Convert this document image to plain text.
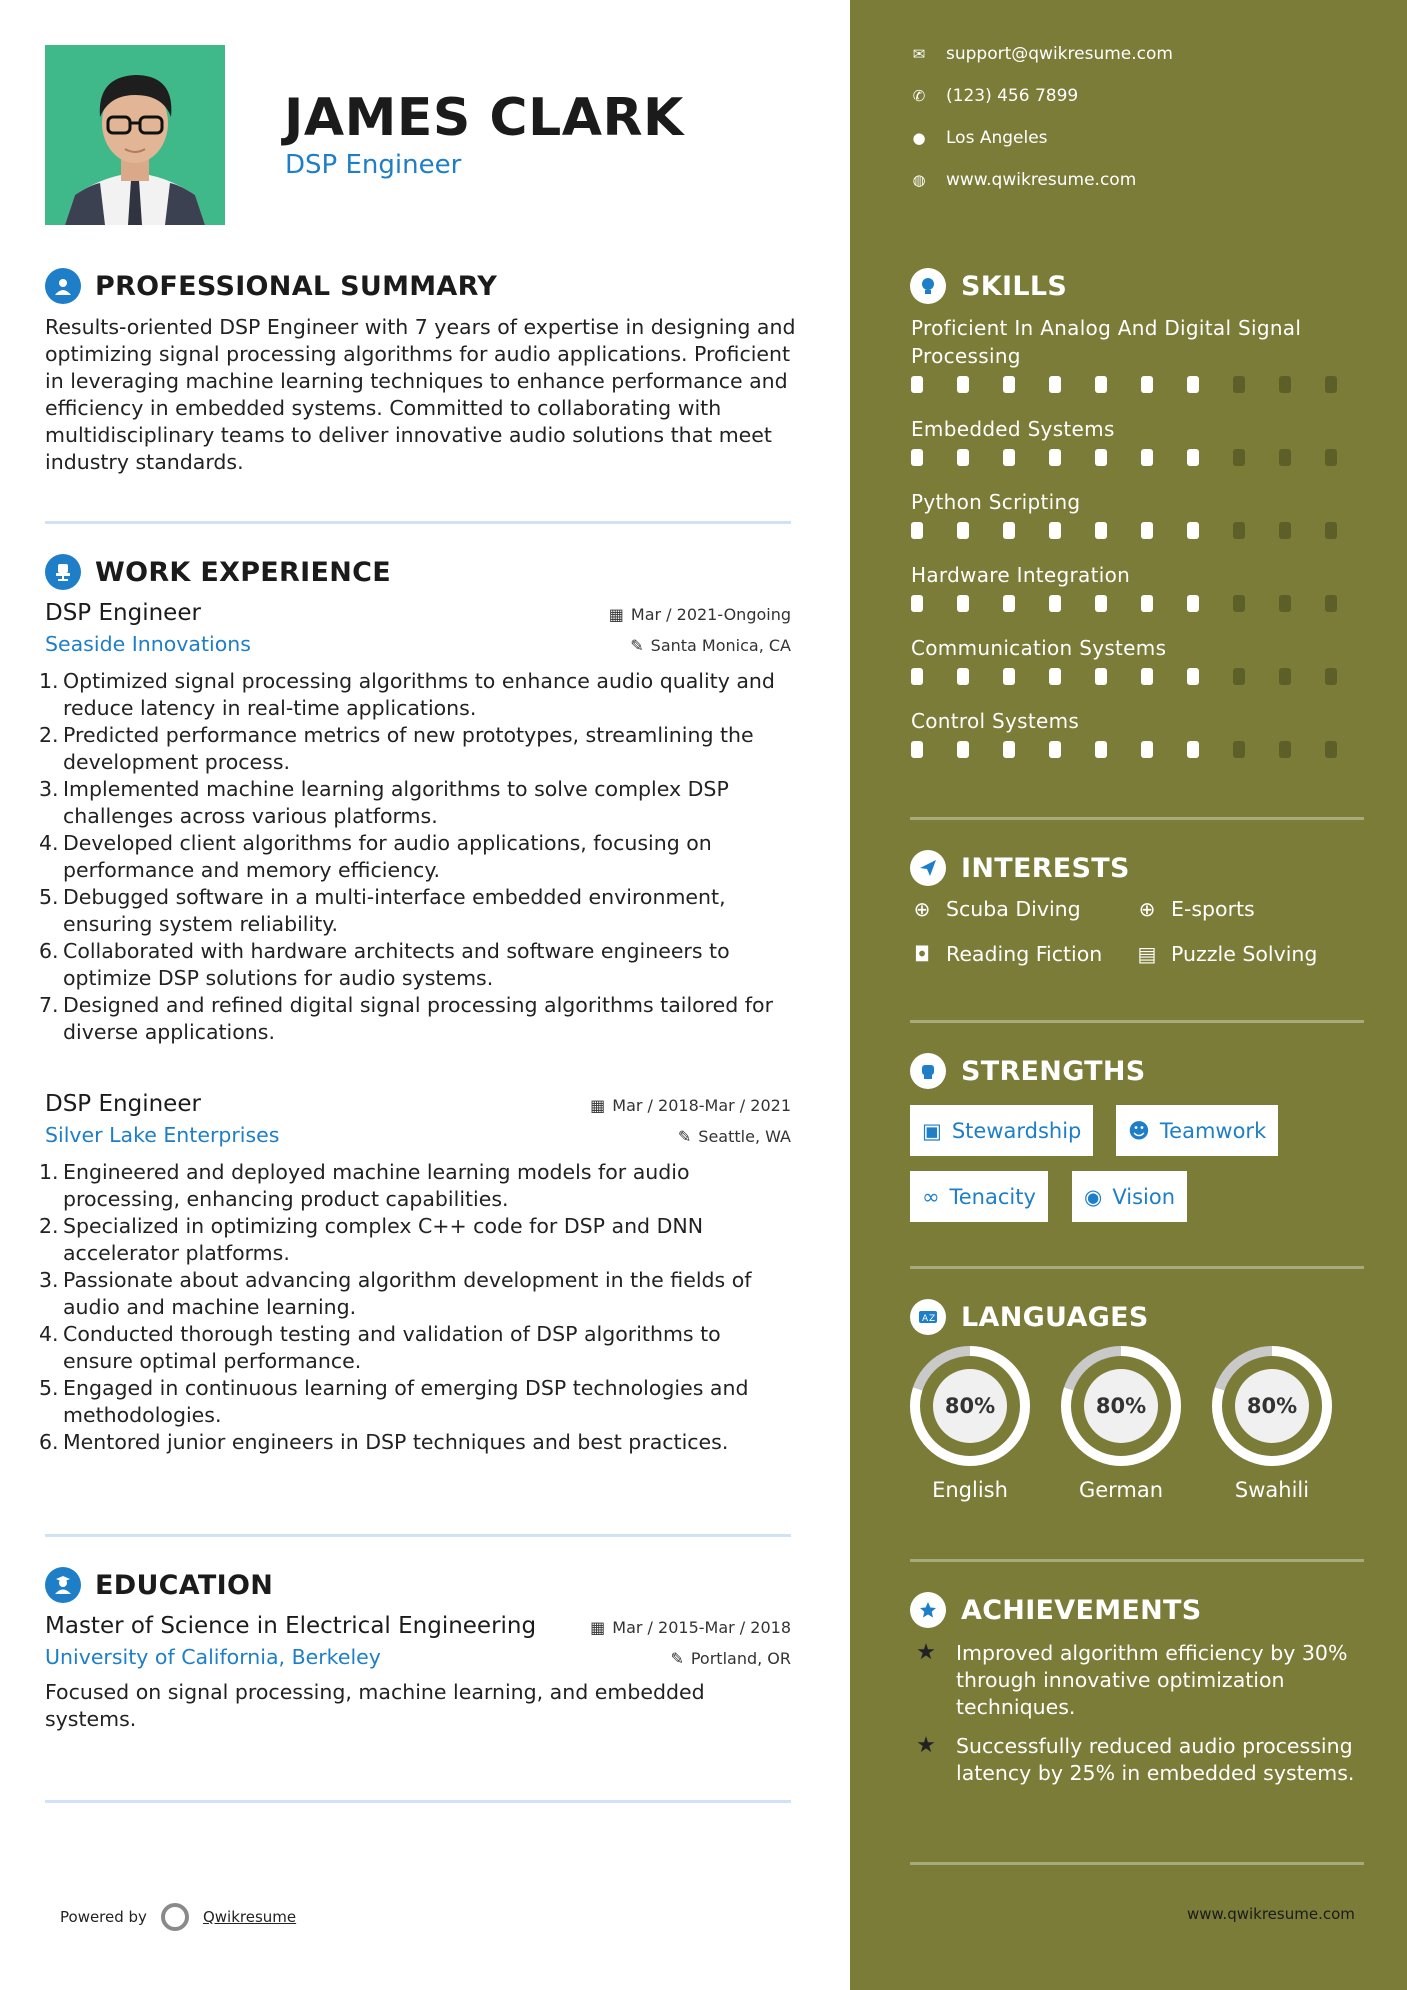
JAMES CLARK
DSP Engineer
PROFESSIONAL SUMMARY
Results-oriented DSP Engineer with 7 years of expertise in designing and optimizing signal processing algorithms for audio applications. Proficient in leveraging machine learning techniques to enhance performance and efficiency in embedded systems. Committed to collaborating with multidisciplinary teams to deliver innovative audio solutions that meet industry standards.
WORK EXPERIENCE
DSP Engineer	▦ Mar / 2021-Ongoing
Seaside Innovations	✎ Santa Monica, CA
1. Optimized signal processing algorithms to enhance audio quality and reduce latency in real-time applications.
2. Predicted performance metrics of new prototypes, streamlining the development process.
3. Implemented machine learning algorithms to solve complex DSP challenges across various platforms.
4. Developed client algorithms for audio applications, focusing on performance and memory efficiency.
5. Debugged software in a multi-interface embedded environment, ensuring system reliability.
6. Collaborated with hardware architects and software engineers to optimize DSP solutions for audio systems.
7. Designed and refined digital signal processing algorithms tailored for diverse applications.
DSP Engineer	▦ Mar / 2018-Mar / 2021
Silver Lake Enterprises	✎ Seattle, WA
1. Engineered and deployed machine learning models for audio processing, enhancing product capabilities.
2. Specialized in optimizing complex C++ code for DSP and DNN accelerator platforms.
3. Passionate about advancing algorithm development in the fields of audio and machine learning.
4. Conducted thorough testing and validation of DSP algorithms to ensure optimal performance.
5. Engaged in continuous learning of emerging DSP technologies and methodologies.
6. Mentored junior engineers in DSP techniques and best practices.
EDUCATION
Master of Science in Electrical Engineering	▦ Mar / 2015-Mar / 2018
University of California, Berkeley	✎ Portland, OR
Focused on signal processing, machine learning, and embedded systems.
Powered by	Qwikresume
✉ support@qwikresume.com
✆ (123) 456 7899
● Los Angeles
◍ www.qwikresume.com
SKILLS
Proficient In Analog And Digital Signal Processing
Embedded Systems
Python Scripting
Hardware Integration
Communication Systems
Control Systems
INTERESTS
⊕ Scuba Diving	⊕ E-sports
◘ Reading Fiction ▤ Puzzle Solving
STRENGTHS
▣ Stewardship ☻ Teamwork
∞ Tenacity ◉ Vision
A Z LANGUAGES
80%
English
80%
German
80%
Swahili
ACHIEVEMENTS
★ Improved algorithm efficiency by 30% through innovative optimization techniques.
★ Successfully reduced audio processing latency by 25% in embedded systems.
www.qwikresume.com
